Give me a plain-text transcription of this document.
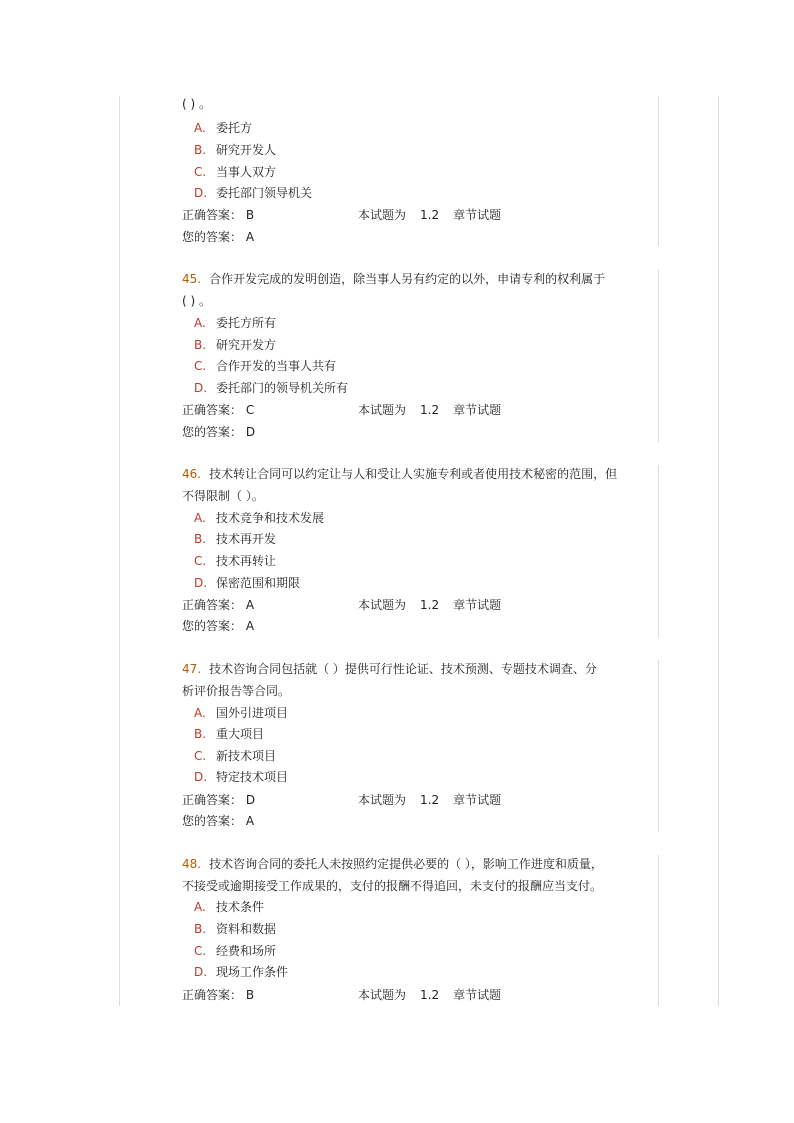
( ) 。
A. 委托方
B. 研究开发人
C. 当事人双方
D. 委托部门领导机关
正确答案： B	本试题为 1.2 章节试题
您的答案： A
45. 合作开发完成的发明创造，除当事人另有约定的以外，申请专利的权利属于
( ) 。
A. 委托方所有
B. 研究开发方
C. 合作开发的当事人共有
D. 委托部门的领导机关所有
正确答案： C	本试题为 1.2 章节试题
您的答案： D
46. 技术转让合同可以约定让与人和受让人实施专利或者使用技术秘密的范围，但
不得限制（ ）。
A. 技术竞争和技术发展
B. 技术再开发
C. 技术再转让
D. 保密范围和期限
正确答案： A	本试题为 1.2 章节试题
您的答案： A
47. 技术咨询合同包括就（ ）提供可行性论证、技术预测、专题技术调查、分
析评价报告等合同。
A. 国外引进项目
B. 重大项目
C. 新技术项目
D. 特定技术项目
正确答案： D	本试题为 1.2 章节试题
您的答案： A
48. 技术咨询合同的委托人未按照约定提供必要的（ ），影响工作进度和质量，
不接受或逾期接受工作成果的，支付的报酬不得追回，未支付的报酬应当支付。
A. 技术条件
B. 资料和数据
C. 经费和场所
D. 现场工作条件
正确答案： B	本试题为 1.2 章节试题
